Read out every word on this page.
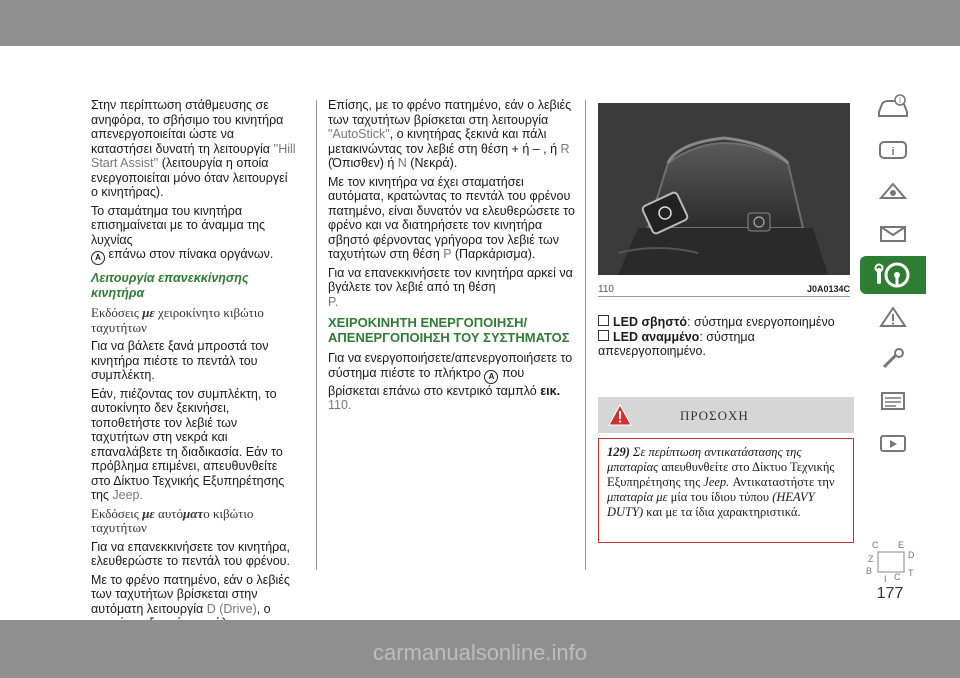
Στην περίπτωση στάθμευσης σε ανηφόρα, το σβήσιμο του κινητήρα απενεργοποιείται ώστε να καταστήσει δυνατή τη λειτουργία ''Hill Start Assist'' (λειτουργία η οποία ενεργοποιείται μόνο όταν λειτουργεί ο κινητήρας).

Το σταμάτημα του κινητήρα επισημαίνεται με το άναμμα της λυχνίας
A επάνω στον πίνακα οργάνων.

Λειτουργία επανεκκίνησης κινητήρα

Εκδόσεις με χειροκίνητο κιβώτιο ταχυτήτων

Για να βάλετε ξανά μπροστά τον κινητήρα πιέστε το πεντάλ του συμπλέκτη.

Εάν, πιέζοντας τον συμπλέκτη, το αυτοκίνητο δεν ξεκινήσει, τοποθετήστε τον λεβιέ των ταχυτήτων στη νεκρά και επαναλάβετε τη διαδικασία. Εάν το πρόβλημα επιμένει, απευθυνθείτε στο Δίκτυο Τεχνικής Εξυπηρέτησης της Jeep.

Εκδόσεις με αυτόματο κιβώτιο ταχυτήτων

Για να επανεκκινήσετε τον κινητήρα, ελευθερώστε το πεντάλ του φρένου.

Με το φρένο πατημένο, εάν ο λεβιές των ταχυτήτων βρίσκεται στην αυτόματη λειτουργία D (Drive), ο

Επίσης, με το φρένο πατημένο, εάν ο λεβιές των ταχυτήτων βρίσκεται στη λειτουργία "AutoStick", ο κινητήρας ξεκινά και πάλι μετακινώντας τον λεβιέ στη θέση + ή – , ή R (Όπισθεν) ή N (Νεκρά).

Με τον κινητήρα να έχει σταματήσει αυτόματα, κρατώντας το πεντάλ του φρένου πατημένο, είναι δυνατόν να ελευθερώσετε το φρένο και να διατηρήσετε τον κινητήρα σβηστό φέρνοντας γρήγορα τον λεβιέ των ταχυτήτων στη θέση P (Παρκάρισμα).

Για να επανεκκινήσετε τον κινητήρα αρκεί να βγάλετε τον λεβιέ από τη θέση
P.

ΧΕΙΡΟΚΙΝΗΤΗ ΕΝΕΡΓΟΠΟΙΗΣΗ/ ΑΠΕΝΕΡΓΟΠΟΙΗΣΗ ΤΟΥ ΣΥΣΤΗΜΑΤΟΣ

Για να ενεργοποιήσετε/απενεργοποιήσετε το σύστημα πιέστε το πλήκτρο A που βρίσκεται επάνω στο κεντρικό ταμπλό εικ. 110.

110	J0A0134C
LED σβηστό: σύστημα ενεργοποιημένο
LED αναμμένο: σύστημα απενεργοποιημένο.
ΠΡΟΣΟΧΗ
129) Σε περίπτωση αντικατάστασης της μπαταρίας απευθυνθείτε στο Δίκτυο Τεχνικής Εξυπηρέτησης της Jeep. Αντικαταστήστε την μπαταρία με μία του ίδιου τύπου (HEAVY DUTY) και με τα ίδια χαρακτηριστικά.
i
i
C E
D
Z
B
I C T
177
carmanualsonline.info
